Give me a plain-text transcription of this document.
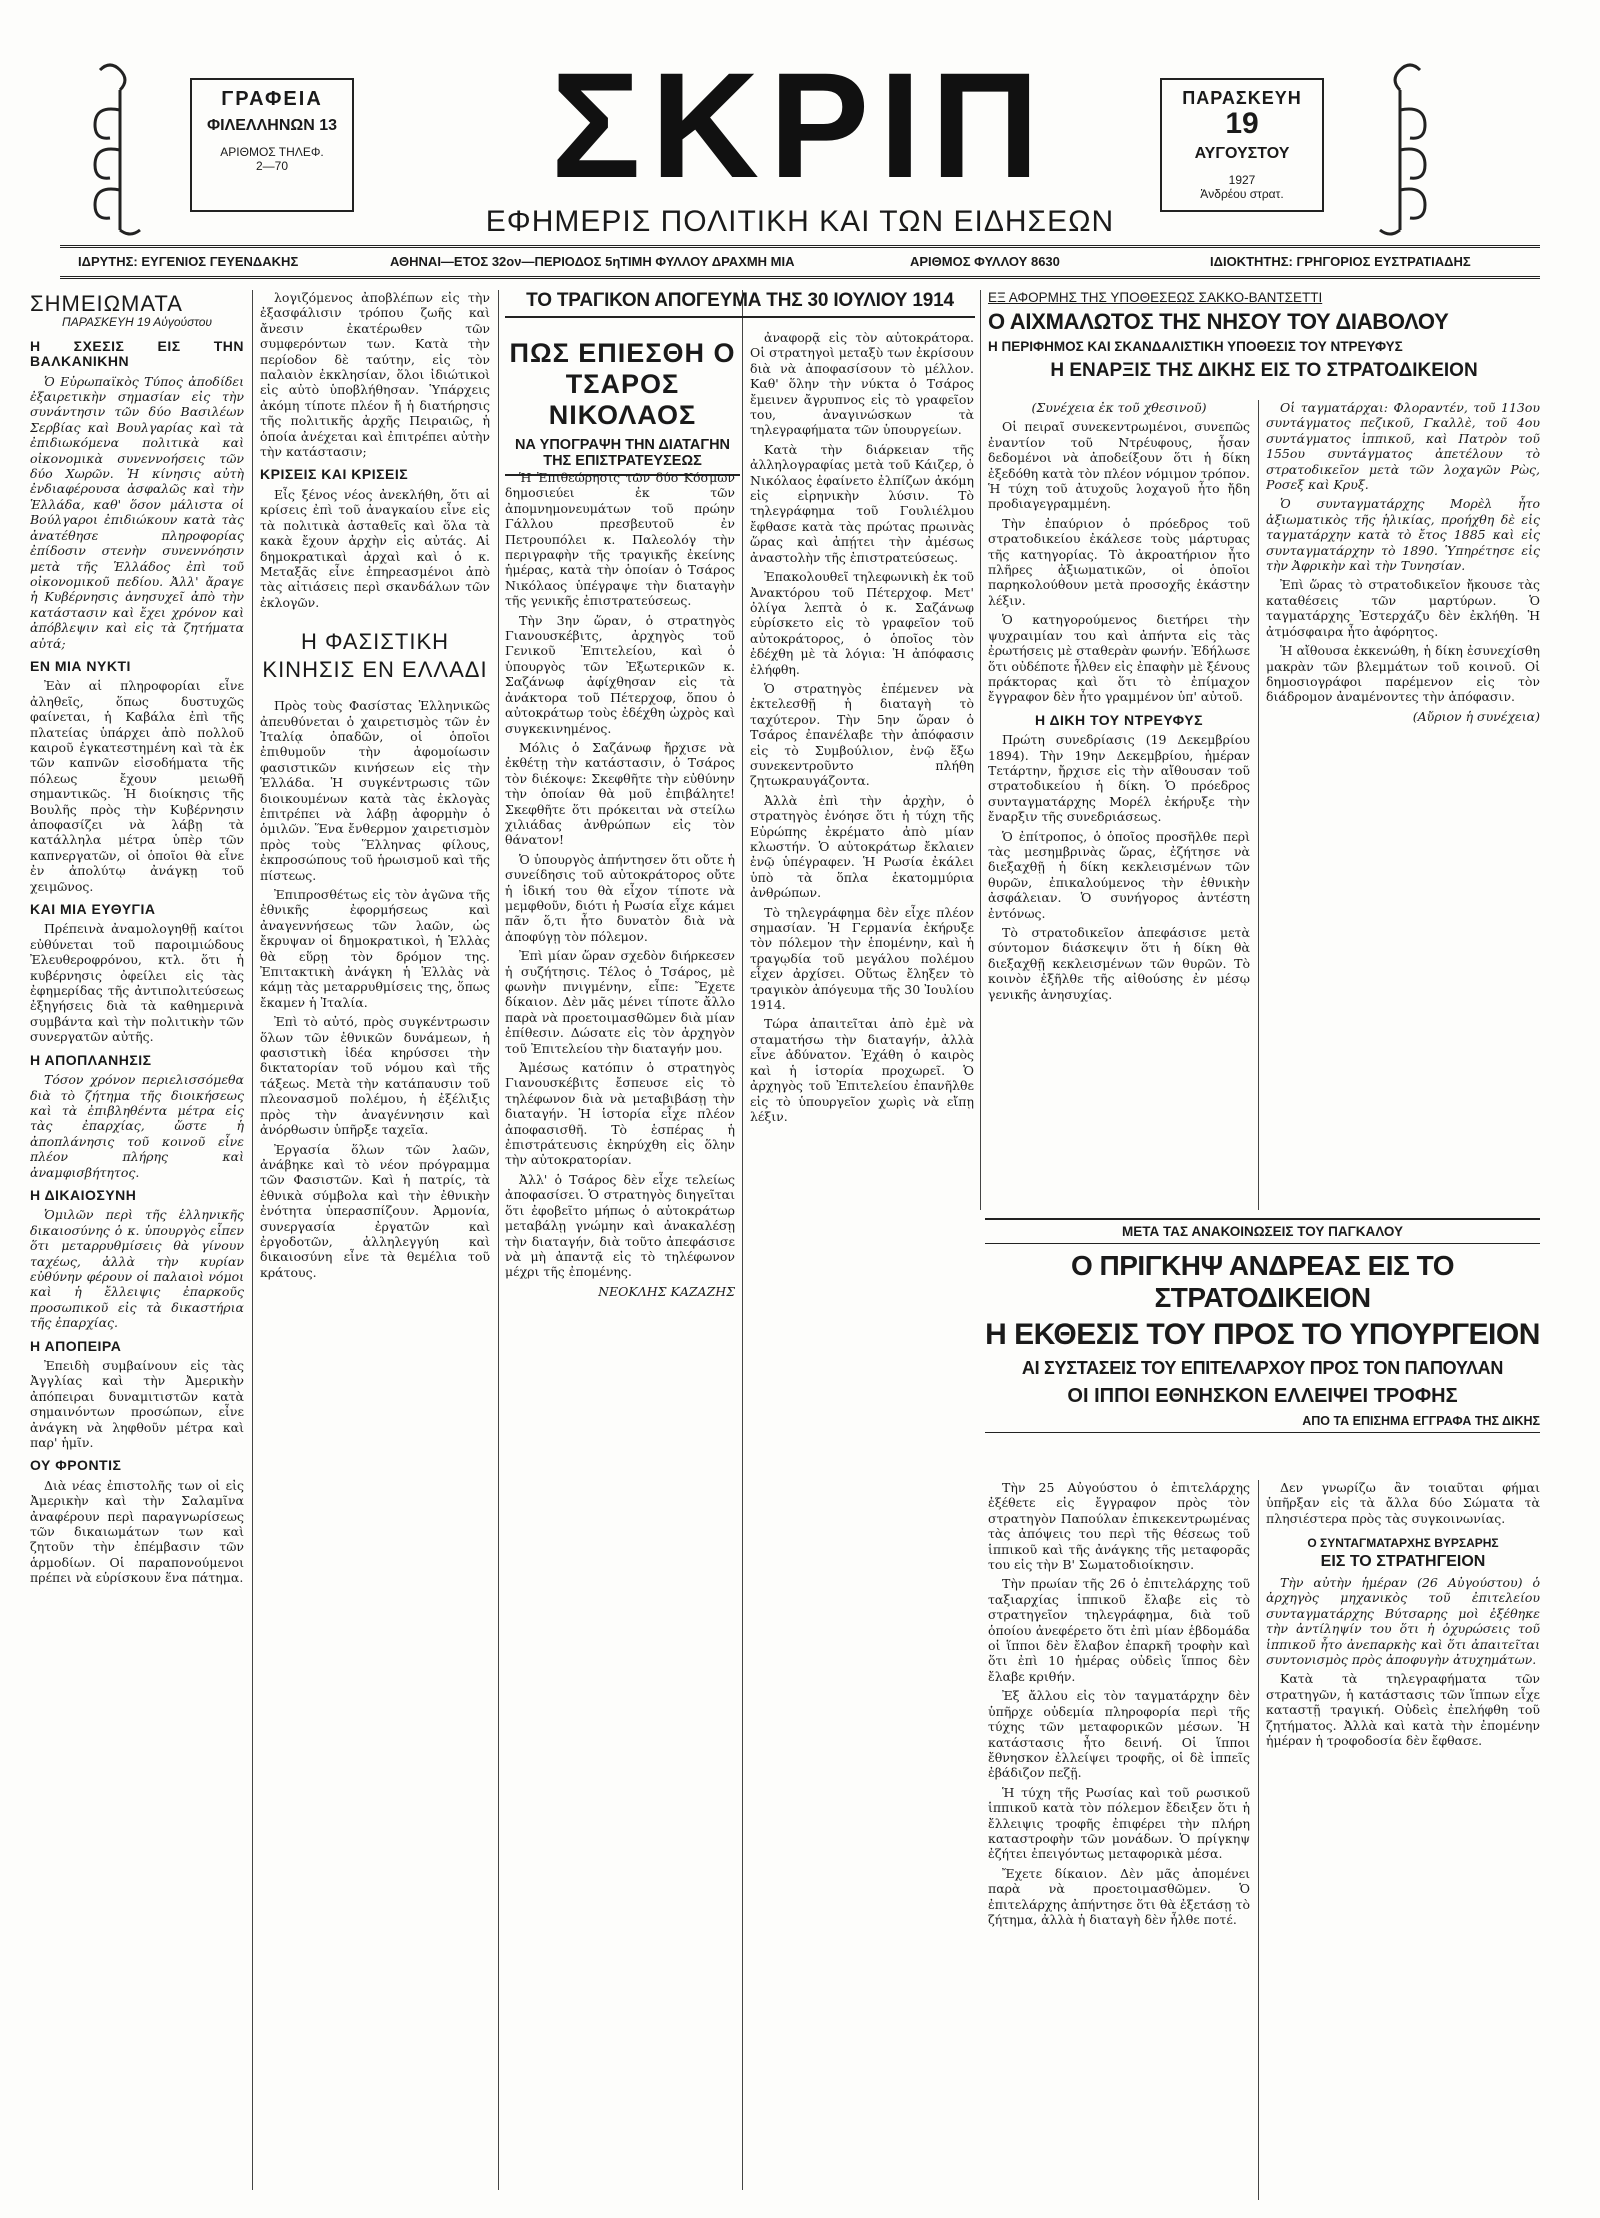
ΓΡΑΦΕΙΑ
ΦΙΛΕΛΛΗΝΩΝ 13
ΑΡΙΘΜΟΣ ΤΗΛΕΦ.
2—70	ΣΚΡΙΠ
ΕΦΗΜΕΡΙΣ ΠΟΛΙΤΙΚΗ ΚΑΙ ΤΩΝ ΕΙΔΗΣΕΩΝ
ΠΑΡΑΣΚΕΥΗ
19
ΑΥΓΟΥΣΤΟΥ
1927
Ἀνδρέου στρατ.
ΙΔΡΥΤΗΣ: ΕΥΓΕΝΙΟΣ ΓΕΥΕΝΔΑΚΗΣ	ΑΘΗΝΑΙ—ΕΤΟΣ 32ον—ΠΕΡΙΟΔΟΣ 5η ΤΙΜΗ ΦΥΛΛΟΥ ΔΡΑΧΜΗ ΜΙΑ	ΑΡΙΘΜΟΣ ΦΥΛΛΟΥ 8630	ΙΔΙΟΚΤΗΤΗΣ: ΓΡΗΓΟΡΙΟΣ ΕΥΣΤΡΑΤΙΑΔΗΣ
ΣΗΜΕΙΩΜΑΤΑ
ΠΑΡΑΣΚΕΥΗ 19 Αὐγούστου
Η ΣΧΕΣΙΣ ΕΙΣ ΤΗΝ ΒΑΛΚΑΝΙΚΗΝ

Ὁ Εὐρωπαϊκὸς Τύπος ἀποδίδει ἐξαιρετικὴν σημασίαν εἰς τὴν συνάντησιν τῶν δύο Βασιλέων Σερβίας καὶ Βουλγαρίας καὶ τὰ ἐπιδιωκόμενα πολιτικὰ καὶ οἰκονομικὰ συνεννοήσεις τῶν δύο Χωρῶν. Ἡ κίνησις αὐτὴ ἐνδιαφέρουσα ἀσφαλῶς καὶ τὴν Ἑλλάδα, καθ' ὅσον μάλιστα οἱ Βούλγαροι ἐπιδιώκουν κατὰ τὰς ἀνατέθησε πληροφορίας ἐπίδοσιν στενὴν συνεννόησιν μετὰ τῆς Ἑλλάδος ἐπὶ τοῦ οἰκονομικοῦ πεδίου. Ἀλλ' ἄραγε ἡ Κυβέρνησις ἀνησυχεῖ ἀπὸ τὴν κατάστασιν καὶ ἔχει χρόνον καὶ ἀπόβλεψιν καὶ εἰς τὰ ζητήματα αὐτά;

ΕΝ ΜΙΑ ΝΥΚΤΙ

Ἐὰν αἱ πληροφορίαι εἶνε ἀληθεῖς, ὅπως δυστυχῶς φαίνεται, ἡ Καβάλα ἐπὶ τῆς πλατείας ὑπάρχει ἀπὸ πολλοῦ καιροῦ ἐγκατεστημένη καὶ τὰ ἐκ τῶν καπνῶν εἰσοδήματα τῆς πόλεως ἔχουν μειωθῆ σημαντικῶς. Ἡ διοίκησις τῆς Βουλῆς πρὸς τὴν Κυβέρνησιν ἀποφασίζει νὰ λάβῃ τὰ κατάλληλα μέτρα ὑπὲρ τῶν καπνεργατῶν, οἱ ὁποῖοι θὰ εἶνε ἐν ἀπολύτῳ ἀνάγκῃ τοῦ χειμῶνος.

ΚΑΙ ΜΙΑ ΕΥΘΥΓΙΑ

Πρέπεινὰ ἀναμολογηθῇ καίτοι εὐθύνεται τοῦ παροιμιώδους Ἐλευθεροφρόνου, κτλ. ὅτι ἡ κυβέρνησις ὀφείλει εἰς τὰς ἐφημερίδας τῆς ἀντιπολιτεύσεως ἐξηγήσεις διὰ τὰ καθημερινὰ συμβάντα καὶ τὴν πολιτικὴν τῶν συνεργατῶν αὐτῆς.

Η ΑΠΟΠΛΑΝΗΣΙΣ

Τόσον χρόνον περιελισσόμεθα διὰ τὸ ζήτημα τῆς διοικήσεως καὶ τὰ ἐπιβληθέντα μέτρα εἰς τὰς ἐπαρχίας, ὥστε ἡ ἀποπλάνησις τοῦ κοινοῦ εἶνε πλέον πλήρης καὶ ἀναμφισβήτητος.

Η ΔΙΚΑΙΟΣΥΝΗ

Ὁμιλῶν περὶ τῆς ἑλληνικῆς δικαιοσύνης ὁ κ. ὑπουργὸς εἶπεν ὅτι μεταρρυθμίσεις θὰ γίνουν ταχέως, ἀλλὰ τὴν κυρίαν εὐθύνην φέρουν οἱ παλαιοὶ νόμοι καὶ ἡ ἔλλειψις ἐπαρκοῦς προσωπικοῦ εἰς τὰ δικαστήρια τῆς ἐπαρχίας.

Η ΑΠΟΠΕΙΡΑ

Ἐπειδὴ συμβαίνουν εἰς τὰς Ἀγγλίας καὶ τὴν Ἀμερικὴν ἀπόπειραι δυναμιτιστῶν κατὰ σημαινόντων προσώπων, εἶνε ἀνάγκη νὰ ληφθοῦν μέτρα καὶ παρ' ἡμῖν.

ΟΥ ΦΡΟΝΤΙΣ

Διὰ νέας ἐπιστολῆς των οἱ εἰς Ἀμερικὴν καὶ τὴν Σαλαμῖνα ἀναφέρουν περὶ παραγνωρίσεως τῶν δικαιωμάτων των καὶ ζητοῦν τὴν ἐπέμβασιν τῶν ἁρμοδίων. Οἱ παραπονούμενοι πρέπει νὰ εὑρίσκουν ἕνα πάτημα.

λογιζόμενος ἀποβλέπων εἰς τὴν ἐξασφάλισιν τρόπου ζωῆς καὶ ἄνεσιν ἐκατέρωθεν τῶν συμφερόντων των. Κατὰ τὴν περίοδον δὲ ταύτην, εἰς τὸν παλαιὸν ἐκκλησίαν, ὅλοι ἰδιώτικοὶ εἰς αὐτὸ ὑποβλήθησαν. Ὑπάρχεις ἀκόμη τίποτε πλέον ἤ ἡ διατήρησις τῆς πολιτικῆς ἀρχῆς Πειραιῶς, ἡ ὁποία ἀνέχεται καὶ ἐπιτρέπει αὐτὴν τὴν κατάστασιν;

ΚΡΙΣΕΙΣ ΚΑΙ ΚΡΙΣΕΙΣ

Εἶς ξένος νέος ἀνεκλήθη, ὅτι αἱ κρίσεις ἐπὶ τοῦ ἀναγκαίου εἶνε εἰς τὰ πολιτικὰ ἀσταθεῖς καὶ ὅλα τὰ κακὰ ἔχουν ἀρχὴν εἰς αὐτάς. Αἱ δημοκρατικαὶ ἀρχαὶ καὶ ὁ κ. Μεταξᾶς εἶνε ἐπηρεασμένοι ἀπὸ τὰς αἰτιάσεις περὶ σκανδάλων τῶν ἐκλογῶν.

Η ΦΑΣΙΣΤΙΚΗ ΚΙΝΗΣΙΣ ΕΝ ΕΛΛΑΔΙ

Πρὸς τοὺς Φασίστας Ἑλληνικῶς ἀπευθύνεται ὁ χαιρετισμὸς τῶν ἐν Ἰταλίᾳ ὀπαδῶν, οἱ ὁποῖοι ἐπιθυμοῦν τὴν ἀφομοίωσιν φασιστικῶν κινήσεων εἰς τὴν Ἑλλάδα. Ἡ συγκέντρωσις τῶν διοικουμένων κατὰ τὰς ἐκλογὰς ἐπιτρέπει νὰ λάβῃ ἀφορμὴν ὁ ὁμιλῶν. Ἕνα ἔνθερμον χαιρετισμὸν πρὸς τοὺς Ἕλληνας φίλους, ἐκπροσώπους τοῦ ἡρωισμοῦ καὶ τῆς πίστεως.

Ἐπιπροσθέτως εἰς τὸν ἀγῶνα τῆς ἐθνικῆς ἐφορμήσεως καὶ ἀναγεννήσεως τῶν λαῶν, ὡς ἔκρυψαν οἱ δημοκρατικοὶ, ἡ Ἑλλὰς θὰ εὕρῃ τὸν δρόμον της. Ἐπιτακτικὴ ἀνάγκη ἡ Ἑλλὰς νὰ κάμῃ τὰς μεταρρυθμίσεις της, ὅπως ἔκαμεν ἡ Ἰταλία.

Ἐπὶ τὸ αὐτό, πρὸς συγκέντρωσιν ὅλων τῶν ἐθνικῶν δυνάμεων, ἡ φασιστικὴ ἰδέα κηρύσσει τὴν δικτατορίαν τοῦ νόμου καὶ τῆς τάξεως. Μετὰ τὴν κατάπαυσιν τοῦ πλεονασμοῦ πολέμου, ἡ ἐξέλιξις πρὸς τὴν ἀναγέννησιν καὶ ἀνόρθωσιν ὑπῆρξε ταχεῖα.

Ἐργασία ὅλων τῶν λαῶν, ἀνάβηκε καὶ τὸ νέον πρόγραμμα τῶν Φασιστῶν. Καὶ ἡ πατρίς, τὰ ἐθνικὰ σύμβολα καὶ τὴν ἐθνικὴν ἐνότητα ὑπερασπίζουν. Ἀρμονία, συνεργασία ἐργατῶν καὶ ἐργοδοτῶν, ἀλληλεγγύη καὶ δικαιοσύνη εἶνε τὰ θεμέλια τοῦ κράτους.

ΤΟ ΤΡΑΓΙΚΟΝ ΑΠΟΓΕΥΜΑ ΤΗΣ 30 ΙΟΥΛΙΟΥ 1914
ΠΩΣ ΕΠΙΕΣΘΗ Ο ΤΣΑΡΟΣ ΝΙΚΟΛΑΟΣ
ΝΑ ΥΠΟΓΡΑΨΗ ΤΗΝ ΔΙΑΤΑΓΗΝ ΤΗΣ ΕΠΙΣΤΡΑΤΕΥΣΕΩΣ

Ἡ Ἐπιθεώρησις τῶν δύο Κόσμων δημοσιεύει ἐκ τῶν ἀπομνημονευμάτων τοῦ πρώην Γάλλου πρεσβευτοῦ ἐν Πετρουπόλει κ. Παλεολόγ τὴν περιγραφὴν τῆς τραγικῆς ἐκείνης ἡμέρας, κατὰ τὴν ὁποίαν ὁ Τσάρος Νικόλαος ὑπέγραψε τὴν διαταγὴν τῆς γενικῆς ἐπιστρατεύσεως.

Τὴν 3ην ὥραν, ὁ στρατηγὸς Γιανουσκέβιτς, ἀρχηγὸς τοῦ Γενικοῦ Ἐπιτελείου, καὶ ὁ ὑπουργὸς τῶν Ἐξωτερικῶν κ. Σαζάνωφ ἀφίχθησαν εἰς τὰ ἀνάκτορα τοῦ Πέτερχοφ, ὅπου ὁ αὐτοκράτωρ τοὺς ἐδέχθη ὠχρὸς καὶ συγκεκινημένος.

Μόλις ὁ Σαζάνωφ ἤρχισε νὰ ἐκθέτῃ τὴν κατάστασιν, ὁ Τσάρος τὸν διέκοψε: Σκεφθῆτε τὴν εὐθύνην τὴν ὁποίαν θὰ μοῦ ἐπιβάλητε! Σκεφθῆτε ὅτι πρόκειται νὰ στείλω χιλιάδας ἀνθρώπων εἰς τὸν θάνατον!

Ὁ ὑπουργὸς ἀπήντησεν ὅτι οὔτε ἡ συνείδησις τοῦ αὐτοκράτορος οὔτε ἡ ἰδική του θὰ εἶχον τίποτε νὰ μεμφθοῦν, διότι ἡ Ρωσία εἶχε κάμει πᾶν ὅ,τι ἦτο δυνατὸν διὰ νὰ ἀποφύγῃ τὸν πόλεμον.

Ἐπὶ μίαν ὥραν σχεδὸν διήρκεσεν ἡ συζήτησις. Τέλος ὁ Τσάρος, μὲ φωνὴν πνιγμένην, εἶπε: Ἔχετε δίκαιον. Δὲν μᾶς μένει τίποτε ἄλλο παρὰ νὰ προετοιμασθῶμεν διὰ μίαν ἐπίθεσιν. Δώσατε εἰς τὸν ἀρχηγὸν τοῦ Ἐπιτελείου τὴν διαταγήν μου.

Ἀμέσως κατόπιν ὁ στρατηγὸς Γιανουσκέβιτς ἔσπευσε εἰς τὸ τηλέφωνον διὰ νὰ μεταβιβάσῃ τὴν διαταγήν. Ἡ ἱστορία εἶχε πλέον ἀποφασισθῆ. Τὸ ἑσπέρας ἡ ἐπιστράτευσις ἐκηρύχθη εἰς ὅλην τὴν αὐτοκρατορίαν.

Ἀλλ' ὁ Τσάρος δὲν εἶχε τελείως ἀποφασίσει. Ὁ στρατηγὸς διηγεῖται ὅτι ἐφοβεῖτο μήπως ὁ αὐτοκράτωρ μεταβάλῃ γνώμην καὶ ἀνακαλέσῃ τὴν διαταγήν, διὰ τοῦτο ἀπεφάσισε νὰ μὴ ἀπαντᾷ εἰς τὸ τηλέφωνον μέχρι τῆς ἐπομένης.

ΝΕΟΚΛΗΣ ΚΑΖΑΖΗΣ

ἀναφορᾷ εἰς τὸν αὐτοκράτορα. Οἱ στρατηγοὶ μεταξὺ των ἐκρίσουν διὰ νὰ ἀποφασίσουν τὸ μέλλον. Καθ' ὅλην τὴν νύκτα ὁ Τσάρος ἔμεινεν ἄγρυπνος εἰς τὸ γραφεῖον του, ἀναγινώσκων τὰ τηλεγραφήματα τῶν ὑπουργείων.

Κατὰ τὴν διάρκειαν τῆς ἀλληλογραφίας μετὰ τοῦ Κάιζερ, ὁ Νικόλαος ἐφαίνετο ἐλπίζων ἀκόμη εἰς εἰρηνικὴν λύσιν. Τὸ τηλεγράφημα τοῦ Γουλιέλμου ἔφθασε κατὰ τὰς πρώτας πρωινὰς ὥρας καὶ ἀπῄτει τὴν ἀμέσως ἀναστολὴν τῆς ἐπιστρατεύσεως.

Ἐπακολουθεῖ τηλεφωνικὴ ἐκ τοῦ Ἀνακτόρου τοῦ Πέτερχοφ. Μετ' ὀλίγα λεπτὰ ὁ κ. Σαζάνωφ εὑρίσκετο εἰς τὸ γραφεῖον τοῦ αὐτοκράτορος, ὁ ὁποῖος τὸν ἐδέχθη μὲ τὰ λόγια: Ἡ ἀπόφασις ἐλήφθη.

Ὁ στρατηγὸς ἐπέμενεν νὰ ἐκτελεσθῇ ἡ διαταγὴ τὸ ταχύτερον. Τὴν 5ην ὥραν ὁ Τσάρος ἐπανέλαβε τὴν ἀπόφασιν εἰς τὸ Συμβούλιον, ἐνῷ ἔξω συνεκεντροῦντο πλήθη ζητωκραυγάζοντα.

Ἀλλὰ ἐπὶ τὴν ἀρχὴν, ὁ στρατηγὸς ἐνόησε ὅτι ἡ τύχη τῆς Εὐρώπης ἐκρέματο ἀπὸ μίαν κλωστήν. Ὁ αὐτοκράτωρ ἔκλαιεν ἐνῷ ὑπέγραφεν. Ἡ Ρωσία ἐκάλει ὑπὸ τὰ ὅπλα ἑκατομμύρια ἀνθρώπων.

Τὸ τηλεγράφημα δὲν εἶχε πλέον σημασίαν. Ἡ Γερμανία ἐκήρυξε τὸν πόλεμον τὴν ἑπομένην, καὶ ἡ τραγῳδία τοῦ μεγάλου πολέμου εἶχεν ἀρχίσει. Οὕτως ἔληξεν τὸ τραγικὸν ἀπόγευμα τῆς 30 Ἰουλίου 1914.

Τώρα ἀπαιτεῖται ἀπὸ ἐμὲ νὰ σταματήσω τὴν διαταγήν, ἀλλὰ εἶνε ἀδύνατον. Ἐχάθη ὁ καιρὸς καὶ ἡ ἱστορία προχωρεῖ. Ὁ ἀρχηγὸς τοῦ Ἐπιτελείου ἐπανῆλθε εἰς τὸ ὑπουργεῖον χωρὶς νὰ εἴπῃ λέξιν.

ΕΞ ΑΦΟΡΜΗΣ ΤΗΣ ΥΠΟΘΕΣΕΩΣ ΣΑΚΚΟ-ΒΑΝΤΣΕΤΤΙ
Ο ΑΙΧΜΑΛΩΤΟΣ ΤΗΣ ΝΗΣΟΥ ΤΟΥ ΔΙΑΒΟΛΟΥ
Η ΠΕΡΙΦΗΜΟΣ ΚΑΙ ΣΚΑΝΔΑΛΙΣΤΙΚΗ ΥΠΟΘΕΣΙΣ ΤΟΥ ΝΤΡΕΥΦΥΣ
Η ΕΝΑΡΞΙΣ ΤΗΣ ΔΙΚΗΣ ΕΙΣ ΤΟ ΣΤΡΑΤΟΔΙΚΕΙΟΝ

(Συνέχεια ἐκ τοῦ χθεσινοῦ)

Οἱ πειραῖ συνεκεντρωμένοι, συνεπῶς ἐναντίον τοῦ Ντρέυφους, ἦσαν δεδομένοι νὰ ἀποδείξουν ὅτι ἡ δίκη ἐξεδόθη κατὰ τὸν πλέον νόμιμον τρόπον. Ἡ τύχη τοῦ ἀτυχοῦς λοχαγοῦ ἦτο ἤδη προδιαγεγραμμένη.

Τὴν ἐπαύριον ὁ πρόεδρος τοῦ στρατοδικείου ἐκάλεσε τοὺς μάρτυρας τῆς κατηγορίας. Τὸ ἀκροατήριον ἦτο πλῆρες ἀξιωματικῶν, οἱ ὁποῖοι παρηκολούθουν μετὰ προσοχῆς ἑκάστην λέξιν.

Ὁ κατηγορούμενος διετήρει τὴν ψυχραιμίαν του καὶ ἀπήντα εἰς τὰς ἐρωτήσεις μὲ σταθερὰν φωνήν. Ἐδήλωσε ὅτι οὐδέποτε ἦλθεν εἰς ἐπαφὴν μὲ ξένους πράκτορας καὶ ὅτι τὸ ἐπίμαχον ἔγγραφον δὲν ἦτο γραμμένον ὑπ' αὐτοῦ.

Η ΔΙΚΗ ΤΟΥ ΝΤΡΕΥΦΥΣ

Πρώτη συνεδρίασις (19 Δεκεμβρίου 1894). Τὴν 19ην Δεκεμβρίου, ἡμέραν Τετάρτην, ἤρχισε εἰς τὴν αἴθουσαν τοῦ στρατοδικείου ἡ δίκη. Ὁ πρόεδρος συνταγματάρχης Μορέλ ἐκήρυξε τὴν ἔναρξιν τῆς συνεδριάσεως.

Ὁ ἐπίτροπος, ὁ ὁποῖος προσῆλθε περὶ τὰς μεσημβρινὰς ὥρας, ἐζήτησε νὰ διεξαχθῇ ἡ δίκη κεκλεισμένων τῶν θυρῶν, ἐπικαλούμενος τὴν ἐθνικὴν ἀσφάλειαν. Ὁ συνήγορος ἀντέστη ἐντόνως.

Τὸ στρατοδικεῖον ἀπεφάσισε μετὰ σύντομον διάσκεψιν ὅτι ἡ δίκη θὰ διεξαχθῇ κεκλεισμένων τῶν θυρῶν. Τὸ κοινὸν ἐξῆλθε τῆς αἰθούσης ἐν μέσῳ γενικῆς ἀνησυχίας.

Οἱ ταγματάρχαι: Φλοραντέν, τοῦ 113ου συντάγματος πεζικοῦ, Γκαλλὲ, τοῦ 4ου συντάγματος ἱππικοῦ, καὶ Πατρὸν τοῦ 155ου συντάγματος ἀπετέλουν τὸ στρατοδικεῖον μετὰ τῶν λοχαγῶν Ρὼς, Ροσεξ καὶ Κρυξ.

Ὁ συνταγματάρχης Μορὲλ ἦτο ἀξιωματικὸς τῆς ἡλικίας, προήχθη δὲ εἰς ταγματάρχην κατὰ τὸ ἔτος 1885 καὶ εἰς συνταγματάρχην τὸ 1890. Ὑπηρέτησε εἰς τὴν Ἀφρικὴν καὶ τὴν Τυνησίαν.

Ἐπὶ ὥρας τὸ στρατοδικεῖον ἤκουσε τὰς καταθέσεις τῶν μαρτύρων. Ὁ ταγματάρχης Ἐστερχάζυ δὲν ἐκλήθη. Ἡ ἀτμόσφαιρα ἦτο ἀφόρητος.

Ἡ αἴθουσα ἐκκενώθη, ἡ δίκη ἐσυνεχίσθη μακρὰν τῶν βλεμμάτων τοῦ κοινοῦ. Οἱ δημοσιογράφοι παρέμενον εἰς τὸν διάδρομον ἀναμένοντες τὴν ἀπόφασιν.

(Αὔριον ἡ συνέχεια)

ΜΕΤΑ ΤΑΣ ΑΝΑΚΟΙΝΩΣΕΙΣ ΤΟΥ ΠΑΓΚΑΛΟΥ
Ο ΠΡΙΓΚΗΨ ΑΝΔΡΕΑΣ ΕΙΣ ΤΟ ΣΤΡΑΤΟΔΙΚΕΙΟΝ
Η ΕΚΘΕΣΙΣ ΤΟΥ ΠΡΟΣ ΤΟ ΥΠΟΥΡΓΕΙΟΝ
ΑΙ ΣΥΣΤΑΣΕΙΣ ΤΟΥ ΕΠΙΤΕΛΑΡΧΟΥ ΠΡΟΣ ΤΟΝ ΠΑΠΟΥΛΑΝ
ΟΙ ΙΠΠΟΙ ΕΘΝΗΣΚΟΝ ΕΛΛΕΙΨΕΙ ΤΡΟΦΗΣ
ΑΠΟ ΤΑ ΕΠΙΣΗΜΑ ΕΓΓΡΑΦΑ ΤΗΣ ΔΙΚΗΣ

Τὴν 25 Αὐγούστου ὁ ἐπιτελάρχης ἐξέθετε εἰς ἔγγραφον πρὸς τὸν στρατηγὸν Παπούλαν ἐπικεκεντρωμένας τὰς ἀπόψεις του περὶ τῆς θέσεως τοῦ ἱππικοῦ καὶ τῆς ἀνάγκης τῆς μεταφορᾶς του εἰς τὴν Β' Σωματοδιοίκησιν.

Τὴν πρωίαν τῆς 26 ὁ ἐπιτελάρχης τοῦ ταξιαρχίας ἱππικοῦ ἔλαβε εἰς τὸ στρατηγεῖον τηλεγράφημα, διὰ τοῦ ὁποίου ἀνεφέρετο ὅτι ἐπὶ μίαν ἑβδομάδα οἱ ἵπποι δὲν ἔλαβον ἐπαρκῆ τροφὴν καὶ ὅτι ἐπὶ 10 ἡμέρας οὐδεὶς ἵππος δὲν ἔλαβε κριθήν.

Ἐξ ἄλλου εἰς τὸν ταγματάρχην δὲν ὑπῆρχε οὐδεμία πληροφορία περὶ τῆς τύχης τῶν μεταφορικῶν μέσων. Ἡ κατάστασις ἦτο δεινή. Οἱ ἵπποι ἔθνησκον ἐλλείψει τροφῆς, οἱ δὲ ἱππεῖς ἐβάδιζον πεζῇ.

Ἡ τύχη τῆς Ρωσίας καὶ τοῦ ρωσικοῦ ἱππικοῦ κατὰ τὸν πόλεμον ἔδειξεν ὅτι ἡ ἔλλειψις τροφῆς ἐπιφέρει τὴν πλήρη καταστροφὴν τῶν μονάδων. Ὁ πρίγκηψ ἐζήτει ἐπειγόντως μεταφορικὰ μέσα.

Ἔχετε δίκαιον. Δὲν μᾶς ἀπομένει παρὰ νὰ προετοιμασθῶμεν. Ὁ ἐπιτελάρχης ἀπήντησε ὅτι θὰ ἐξετάσῃ τὸ ζήτημα, ἀλλὰ ἡ διαταγὴ δὲν ἦλθε ποτέ.

Δεν γνωρίζω ἂν τοιαῦται φήμαι ὑπῆρξαν εἰς τὰ ἄλλα δύο Σώματα τὰ πλησιέστερα πρὸς τὰς συγκοινωνίας.

Ο ΣΥΝΤΑΓΜΑΤΑΡΧΗΣ ΒΥΡΣΑΡΗΣ
ΕΙΣ ΤΟ ΣΤΡΑΤΗΓΕΙΟΝ

Τὴν αὐτὴν ἡμέραν (26 Αὐγούστου) ὁ ἀρχηγὸς μηχανικὸς τοῦ ἐπιτελείου συνταγματάρχης Βύτσαρης μοὶ ἐξέθηκε τὴν ἀντίληψίν του ὅτι ἡ ὀχυρώσεις τοῦ ἱππικοῦ ἦτο ἀνεπαρκὴς καὶ ὅτι ἀπαιτεῖται συντονισμὸς πρὸς ἀποφυγὴν ἀτυχημάτων.

Κατὰ τὰ τηλεγραφήματα τῶν στρατηγῶν, ἡ κατάστασις τῶν ἵππων εἶχε καταστῇ τραγική. Οὐδεὶς ἐπελήφθη τοῦ ζητήματος. Ἀλλὰ καὶ κατὰ τὴν ἐπομένην ἡμέραν ἡ τροφοδοσία δὲν ἔφθασε.
